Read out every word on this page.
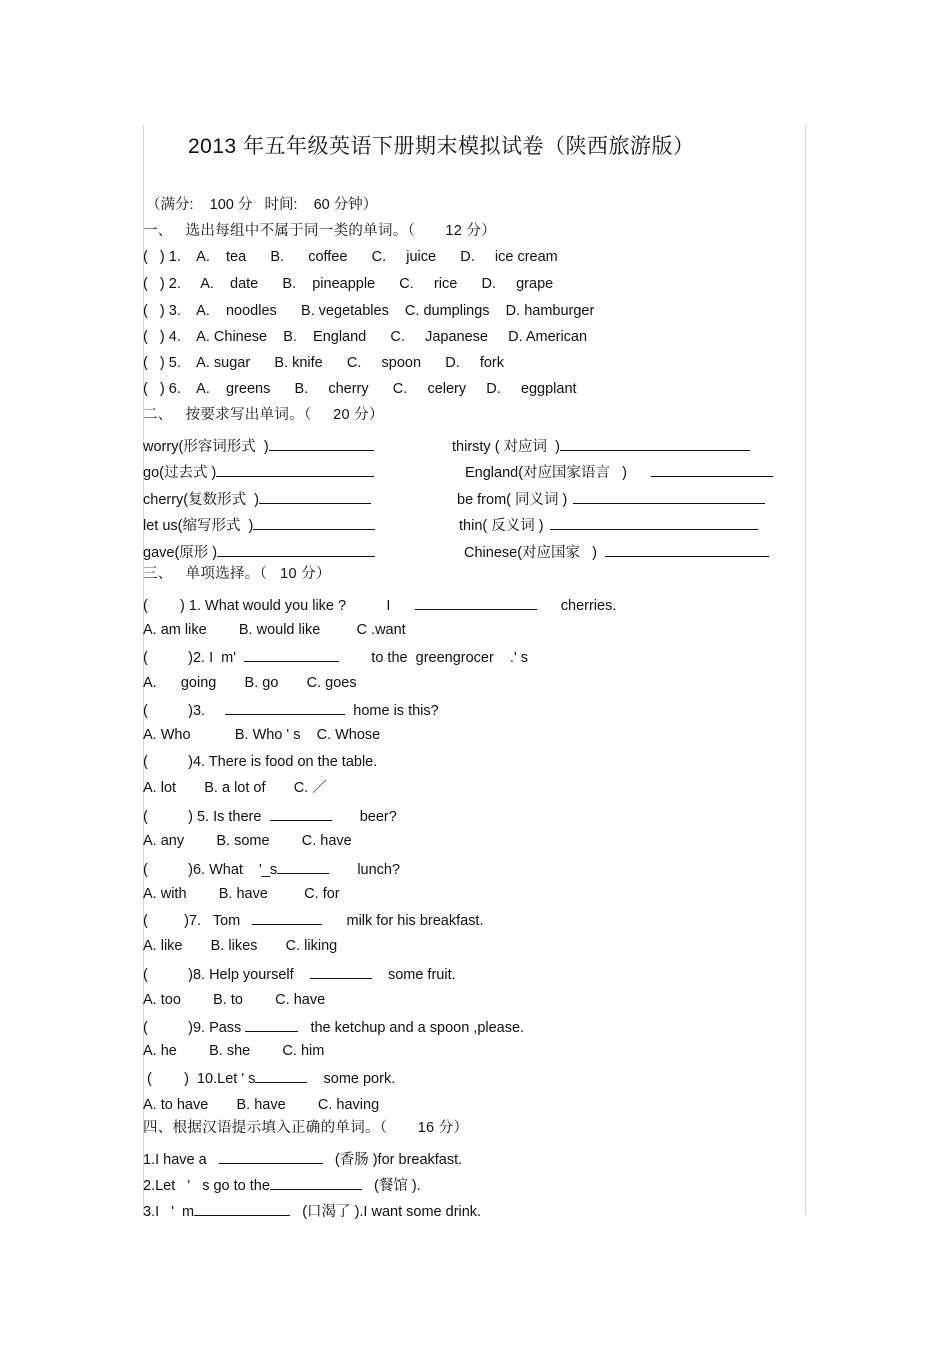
2013 年五年级英语下册期末模拟试卷（陕西旅游版）
（满分:    100 分   时间:    60 分钟）
一、   选出每组中不属于同一类的单词。（       12 分）
(   ) 1.    A.    tea      B.      coffee      C.     juice      D.     ice cream
(   ) 2.     A.    date      B.    pineapple      C.     rice      D.     grape
(   ) 3.    A.    noodles      B. vegetables    C. dumplings    D. hamburger
(   ) 4.    A. Chinese    B.    England      C.     Japanese     D. American
(   ) 5.    A. sugar      B. knife      C.     spoon      D.     fork
(   ) 6.    A.    greens      B.     cherry      C.     celery     D.     eggplant
二、   按要求写出单词。（     20 分）
worry(形容词形式  )	thirsty ( 对应词  )
go(过去式 )	England(对应国家语言   )
cherry(复数形式  )	be from( 同义词 )
let us(缩写形式  )	thin( 反义词 )
gave(原形 )	Chinese(对应国家   )
三、   单项选择。（   10 分）
(        ) 1. What would you like ?          I	cherries.
A. am like        B. would like         C .want
(          )2. I  m'	to the  greengrocer    .' s
A.      going       B. go       C. goes
(          )3.	home is this?
A. Who           B. Who ' s    C. Whose
(          )4. There is food on the table.
A. lot       B. a lot of       C. ／
(          ) 5. Is there	beer?
A. any        B. some        C. have
(          )6. What    '_s	lunch?
A. with        B. have         C. for
(         )7.   Tom	milk for his breakfast.
A. like       B. likes       C. liking
(          )8. Help yourself	some fruit.
A. too        B. to        C. have
(          )9. Pass	the ketchup and a spoon ,please.
A. he        B. she        C. him
(        )  10.Let ' s	some pork.
A. to have       B. have        C. having
四、根据汉语提示填入正确的单词。（       16 分）
1.I have a	(香肠 )for breakfast.
2.Let   '   s go to the	(餐馆 ).
3.I   '  m	(口渴了 ).I want some drink.
